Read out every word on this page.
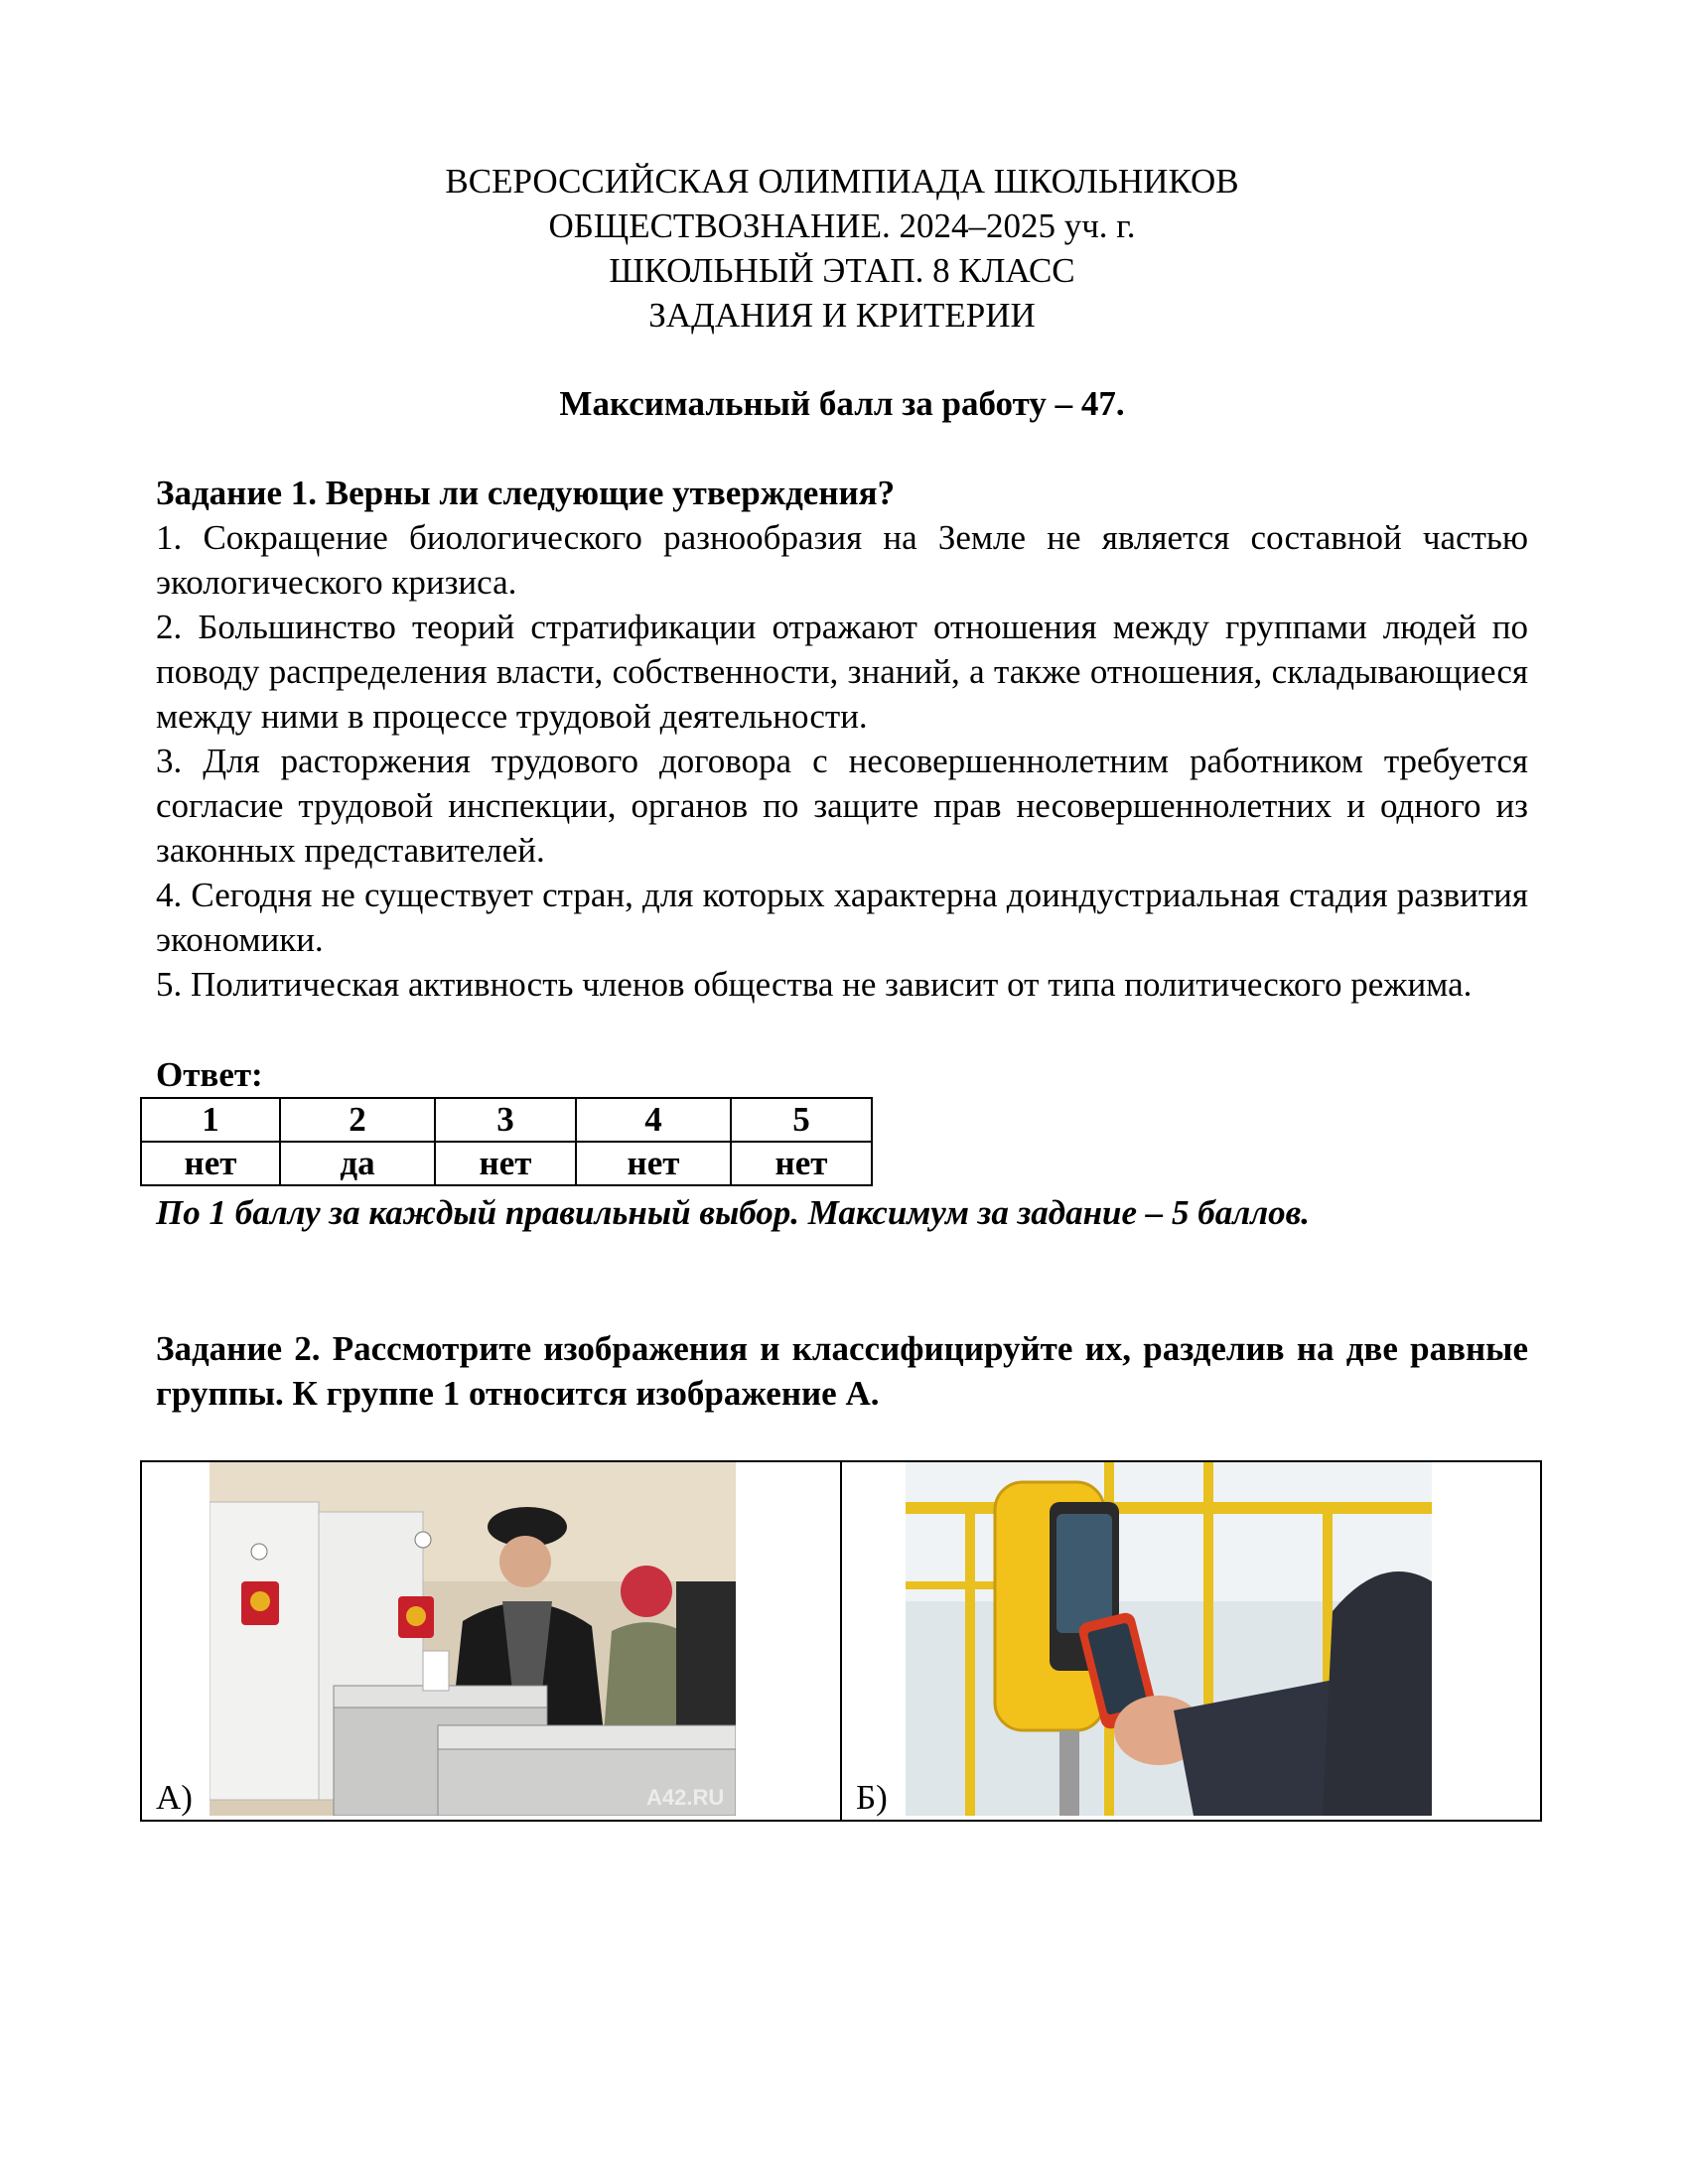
ВСЕРОССИЙСКАЯ ОЛИМПИАДА ШКОЛЬНИКОВ
ОБЩЕСТВОЗНАНИЕ. 2024–2025 уч. г.
ШКОЛЬНЫЙ ЭТАП. 8 КЛАСС
ЗАДАНИЯ И КРИТЕРИИ
Максимальный балл за работу – 47.
Задание 1. Верны ли следующие утверждения?
1. Сокращение биологического разнообразия на Земле не является составной частью экологического кризиса.
2. Большинство теорий стратификации отражают отношения между группами людей по поводу распределения власти, собственности, знаний, а также отношения, складывающиеся между ними в процессе трудовой деятельности.
3. Для расторжения трудового договора с несовершеннолетним работником требуется согласие трудовой инспекции, органов по защите прав несовершеннолетних и одного из законных представителей.
4. Сегодня не существует стран, для которых характерна доиндустриальная стадия развития экономики.
5. Политическая активность членов общества не зависит от типа политического режима.
Ответ:
1	2	3	4	5
нет	да	нет	нет	нет
По 1 баллу за каждый правильный выбор. Максимум за задание – 5 баллов.
Задание 2. Рассмотрите изображения и классифицируйте их, разделив на две равные группы. К группе 1 относится изображение А.
A42.RU
А)	Б)
